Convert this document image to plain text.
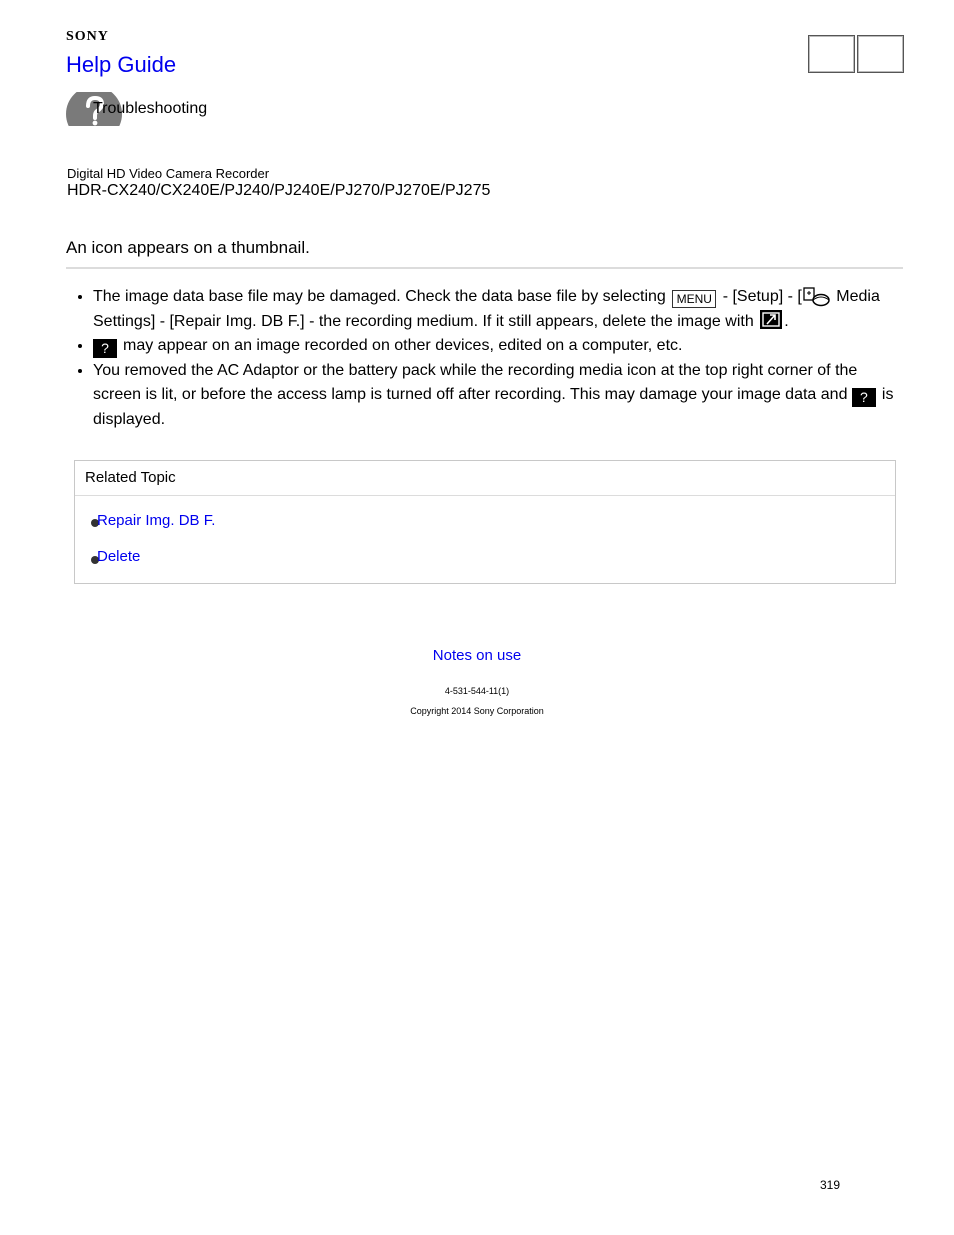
SONY
Help Guide
Troubleshooting
Digital HD Video Camera Recorder
HDR-CX240/CX240E/PJ240/PJ240E/PJ270/PJ270E/PJ275
An icon appears on a thumbnail.
• The image data base file may be damaged. Check the data base file by selecting MENU - [Setup] - [ Media Settings] - [Repair Img. DB F.] - the recording medium. If it still appears, delete the image with .
• ? may appear on an image recorded on other devices, edited on a computer, etc.
• You removed the AC Adaptor or the battery pack while the recording media icon at the top right corner of the screen is lit, or before the access lamp is turned off after recording. This may damage your image data and ? is displayed.
Related Topic
Repair Img. DB F.
Delete
Notes on use
4-531-544-11(1)
Copyright 2014 Sony Corporation
319
